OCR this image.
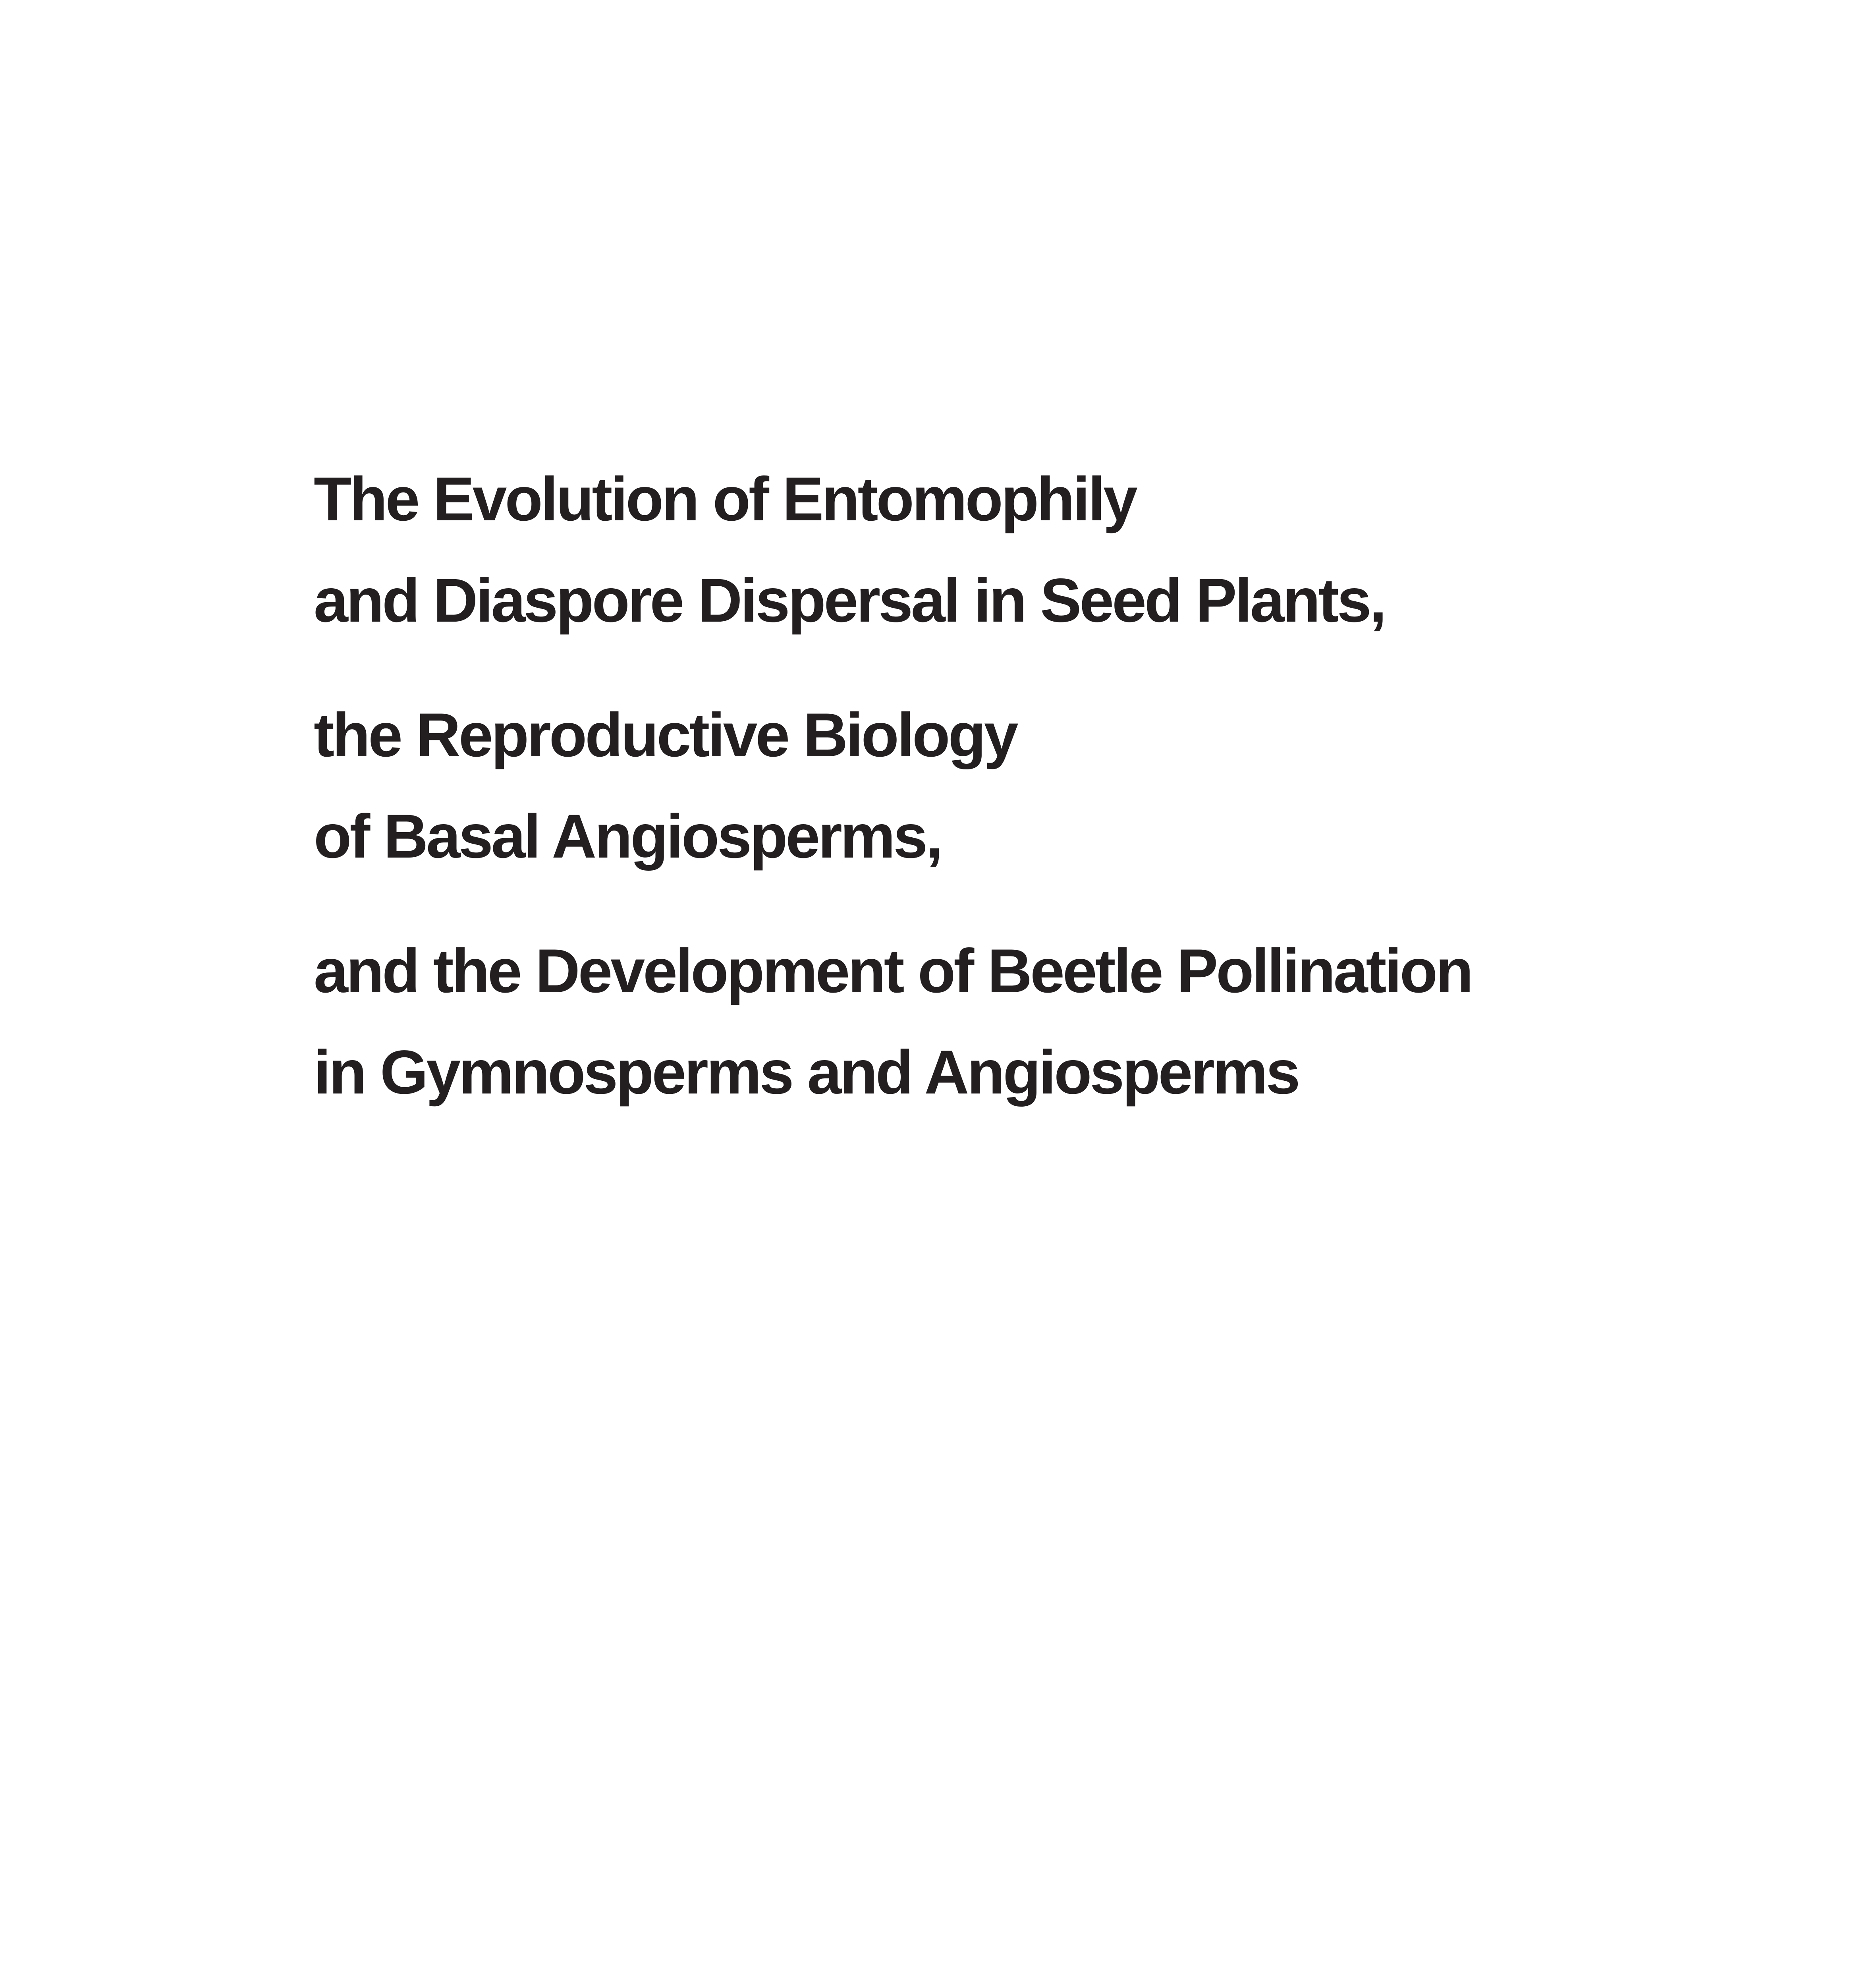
The Evolution of Entomophily
and Diaspore Dispersal in Seed Plants,
the Reproductive Biology
of Basal Angiosperms,
and the Development of Beetle Pollination
in Gymnosperms and Angiosperms
